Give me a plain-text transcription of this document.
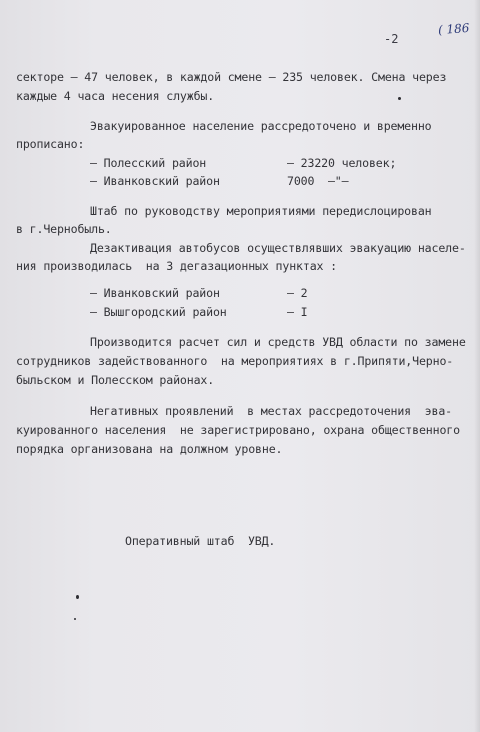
-2
( 186
секторе – 47 человек, в каждой смене – 235 человек. Смена через
каждые 4 часа несения службы.
Эвакуированное население рассредоточено и временно
прописано:
– Полесский район	– 23220 человек;
– Иванковский район	7000  –"–
Штаб по руководству мероприятиями передислоцирован
в г.Чернобыль.
Дезактивация автобусов осуществлявших эвакуацию населе-
ния производилась  на 3 дегазационных пунктах :
– Иванковский район	– 2
– Вышгородский район	– I
Производится расчет сил и средств УВД области по замене
сотрудников задействованного  на мероприятиях в г.Припяти,Черно-
быльском и Полесском районах.
Негативных проявлений  в местах рассредоточения  эва-
куированного населения  не зарегистрировано, охрана общественного
порядка организована на должном уровне.
Оперативный штаб  УВД.
